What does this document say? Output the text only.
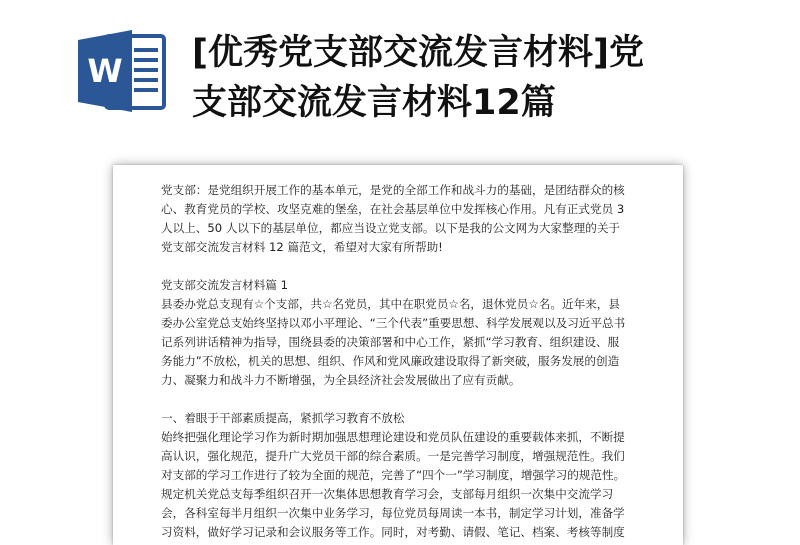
W [优秀党支部交流发言材料]党
支部交流发言材料12篇
党支部：是党组织开展工作的基本单元，是党的全部工作和战斗力的基础，是团结群众的核
心、教育党员的学校、攻坚克难的堡垒，在社会基层单位中发挥核心作用。凡有正式党员 3
人以上、50 人以下的基层单位，都应当设立党支部。以下是我的公文网为大家整理的关于
党支部交流发言材料 12 篇范文，希望对大家有所帮助!
党支部交流发言材料篇 1
县委办党总支现有☆个支部，共☆名党员，其中在职党员☆名，退休党员☆名。近年来，县
委办公室党总支始终坚持以邓小平理论、“三个代表”重要思想、科学发展观以及习近平总书
记系列讲话精神为指导，围绕县委的决策部署和中心工作，紧抓“学习教育、组织建设、服
务能力”不放松，机关的思想、组织、作风和党风廉政建设取得了新突破，服务发展的创造
力、凝聚力和战斗力不断增强，为全县经济社会发展做出了应有贡献。
一、着眼于干部素质提高，紧抓学习教育不放松
始终把强化理论学习作为新时期加强思想理论建设和党员队伍建设的重要载体来抓，不断提
高认识，强化规范，提升广大党员干部的综合素质。一是完善学习制度，增强规范性。我们
对支部的学习工作进行了较为全面的规范，完善了“四个一”学习制度，增强学习的规范性。
规定机关党总支每季组织召开一次集体思想教育学习会，支部每月组织一次集中交流学习
会，各科室每半月组织一次集中业务学习，每位党员每周读一本书，制定学习计划，准备学
习资料，做好学习记录和会议服务等工作。同时，对考勤、请假、笔记、档案、考核等制度
